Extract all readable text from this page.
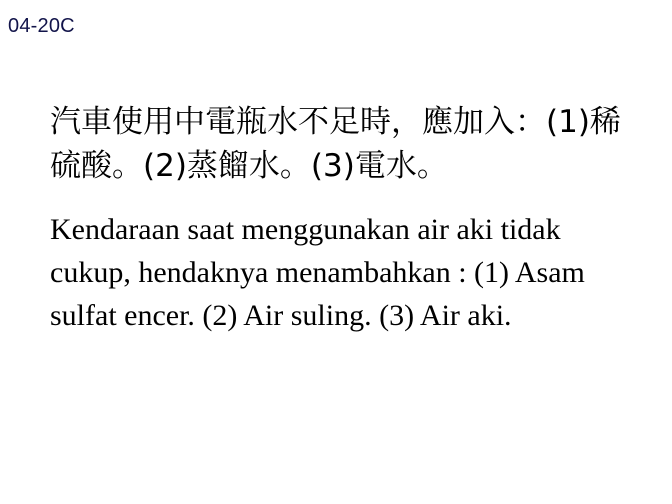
04-20C

汽車使用中電瓶水不足時，應加入：(1)稀硫酸。(2)蒸餾水。(3)電水。

Kendaraan saat menggunakan air aki tidak cukup, hendaknya menambahkan : (1) Asam sulfat encer. (2) Air suling. (3) Air aki.
